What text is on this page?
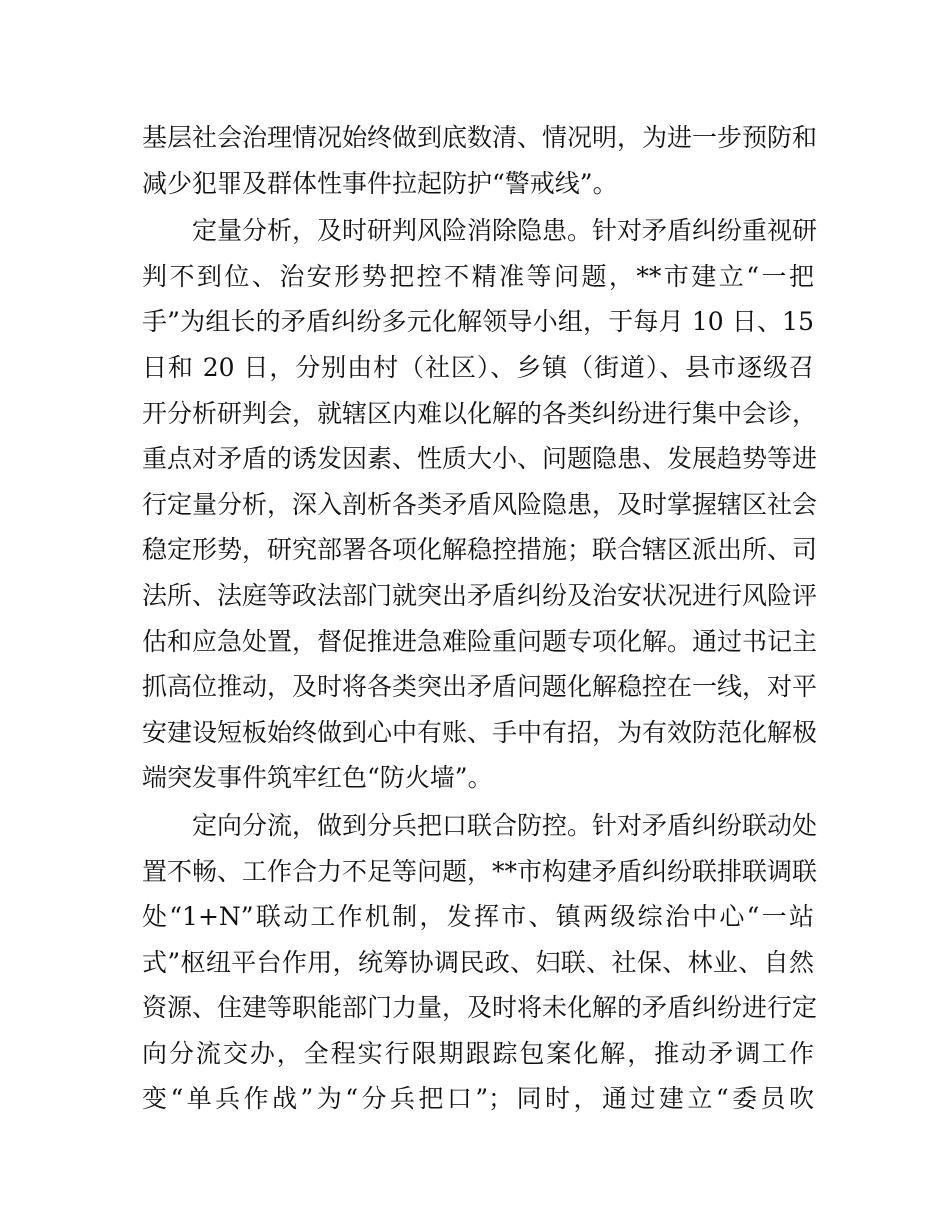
基层社会治理情况始终做到底数清、情况明，为进一步预防和
减少犯罪及群体性事件拉起防护“警戒线”。
定量分析，及时研判风险消除隐患。针对矛盾纠纷重视研
判不到位、治安形势把控不精准等问题，**市建立“一把
手”为组长的矛盾纠纷多元化解领导小组，于每月 10 日、15
日和 20 日，分别由村（社区）、乡镇（街道）、县市逐级召
开分析研判会，就辖区内难以化解的各类纠纷进行集中会诊，
重点对矛盾的诱发因素、性质大小、问题隐患、发展趋势等进
行定量分析，深入剖析各类矛盾风险隐患，及时掌握辖区社会
稳定形势，研究部署各项化解稳控措施；联合辖区派出所、司
法所、法庭等政法部门就突出矛盾纠纷及治安状况进行风险评
估和应急处置，督促推进急难险重问题专项化解。通过书记主
抓高位推动，及时将各类突出矛盾问题化解稳控在一线，对平
安建设短板始终做到心中有账、手中有招，为有效防范化解极
端突发事件筑牢红色“防火墙”。
定向分流，做到分兵把口联合防控。针对矛盾纠纷联动处
置不畅、工作合力不足等问题，**市构建矛盾纠纷联排联调联
处“1+N”联动工作机制，发挥市、镇两级综治中心“一站
式”枢纽平台作用，统筹协调民政、妇联、社保、林业、自然
资源、住建等职能部门力量，及时将未化解的矛盾纠纷进行定
向分流交办，全程实行限期跟踪包案化解，推动矛调工作
变“单兵作战”为“分兵把口”；同时，通过建立“委员吹
